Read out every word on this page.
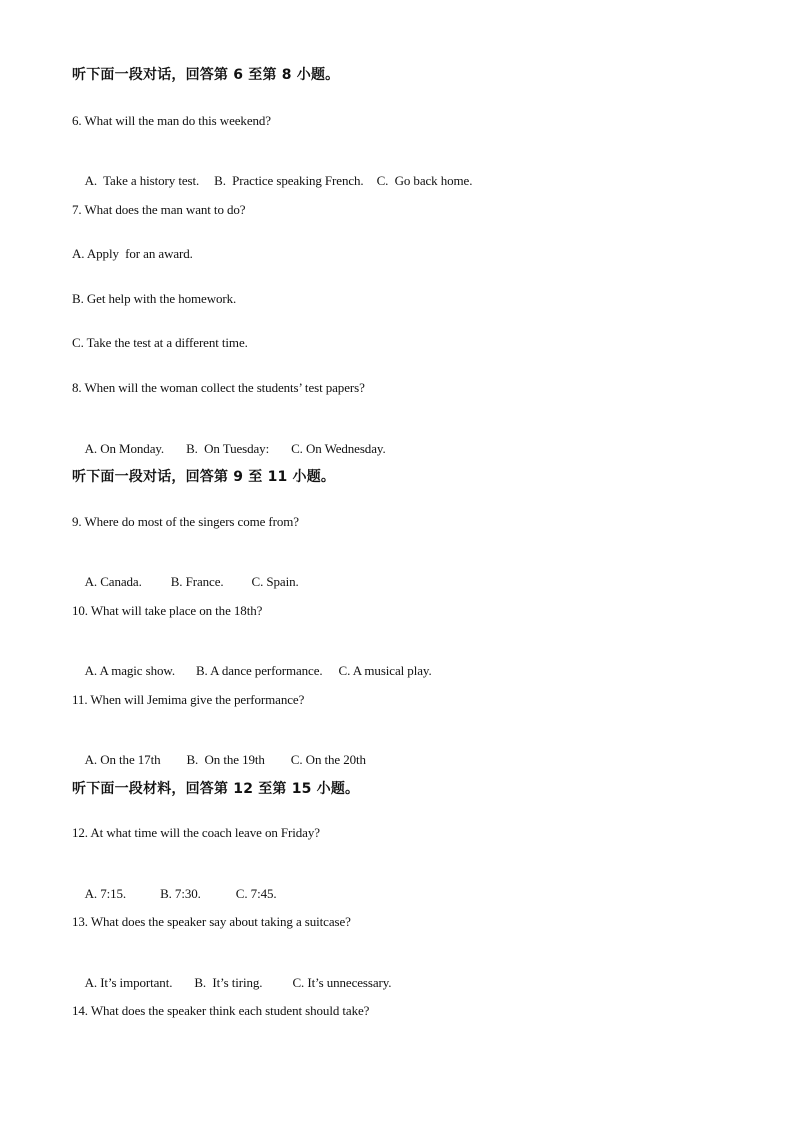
听下面一段对话，回答第 6 至第 8 小题。
6. What will the man do this weekend?

A.  Take a history test. B.  Practice speaking French. C.  Go back home.

7. What does the man want to do?
A. Apply  for an award.
B. Get help with the homework.
C. Take the test at a different time.
8. When will the woman collect the students’ test papers?

A. On Monday. B.  On Tuesday: C. On Wednesday.

听下面一段对话，回答第 9 至 11 小题。
9. Where do most of the singers come from?

A. Canada. B. France. C. Spain.

10. What will take place on the 18th?

A. A magic show. B. A dance performance. C. A musical play.

11. When will Jemima give the performance?

A. On the 17th B.  On the 19th C. On the 20th

听下面一段材料，回答第 12 至第 15 小题。
12. At what time will the coach leave on Friday?

A. 7:15.	B. 7:30.	C. 7:45.

13. What does the speaker say about taking a suitcase?

A. It’s important. B.  It’s tiring. C. It’s unnecessary.

14. What does the speaker think each student should take?
